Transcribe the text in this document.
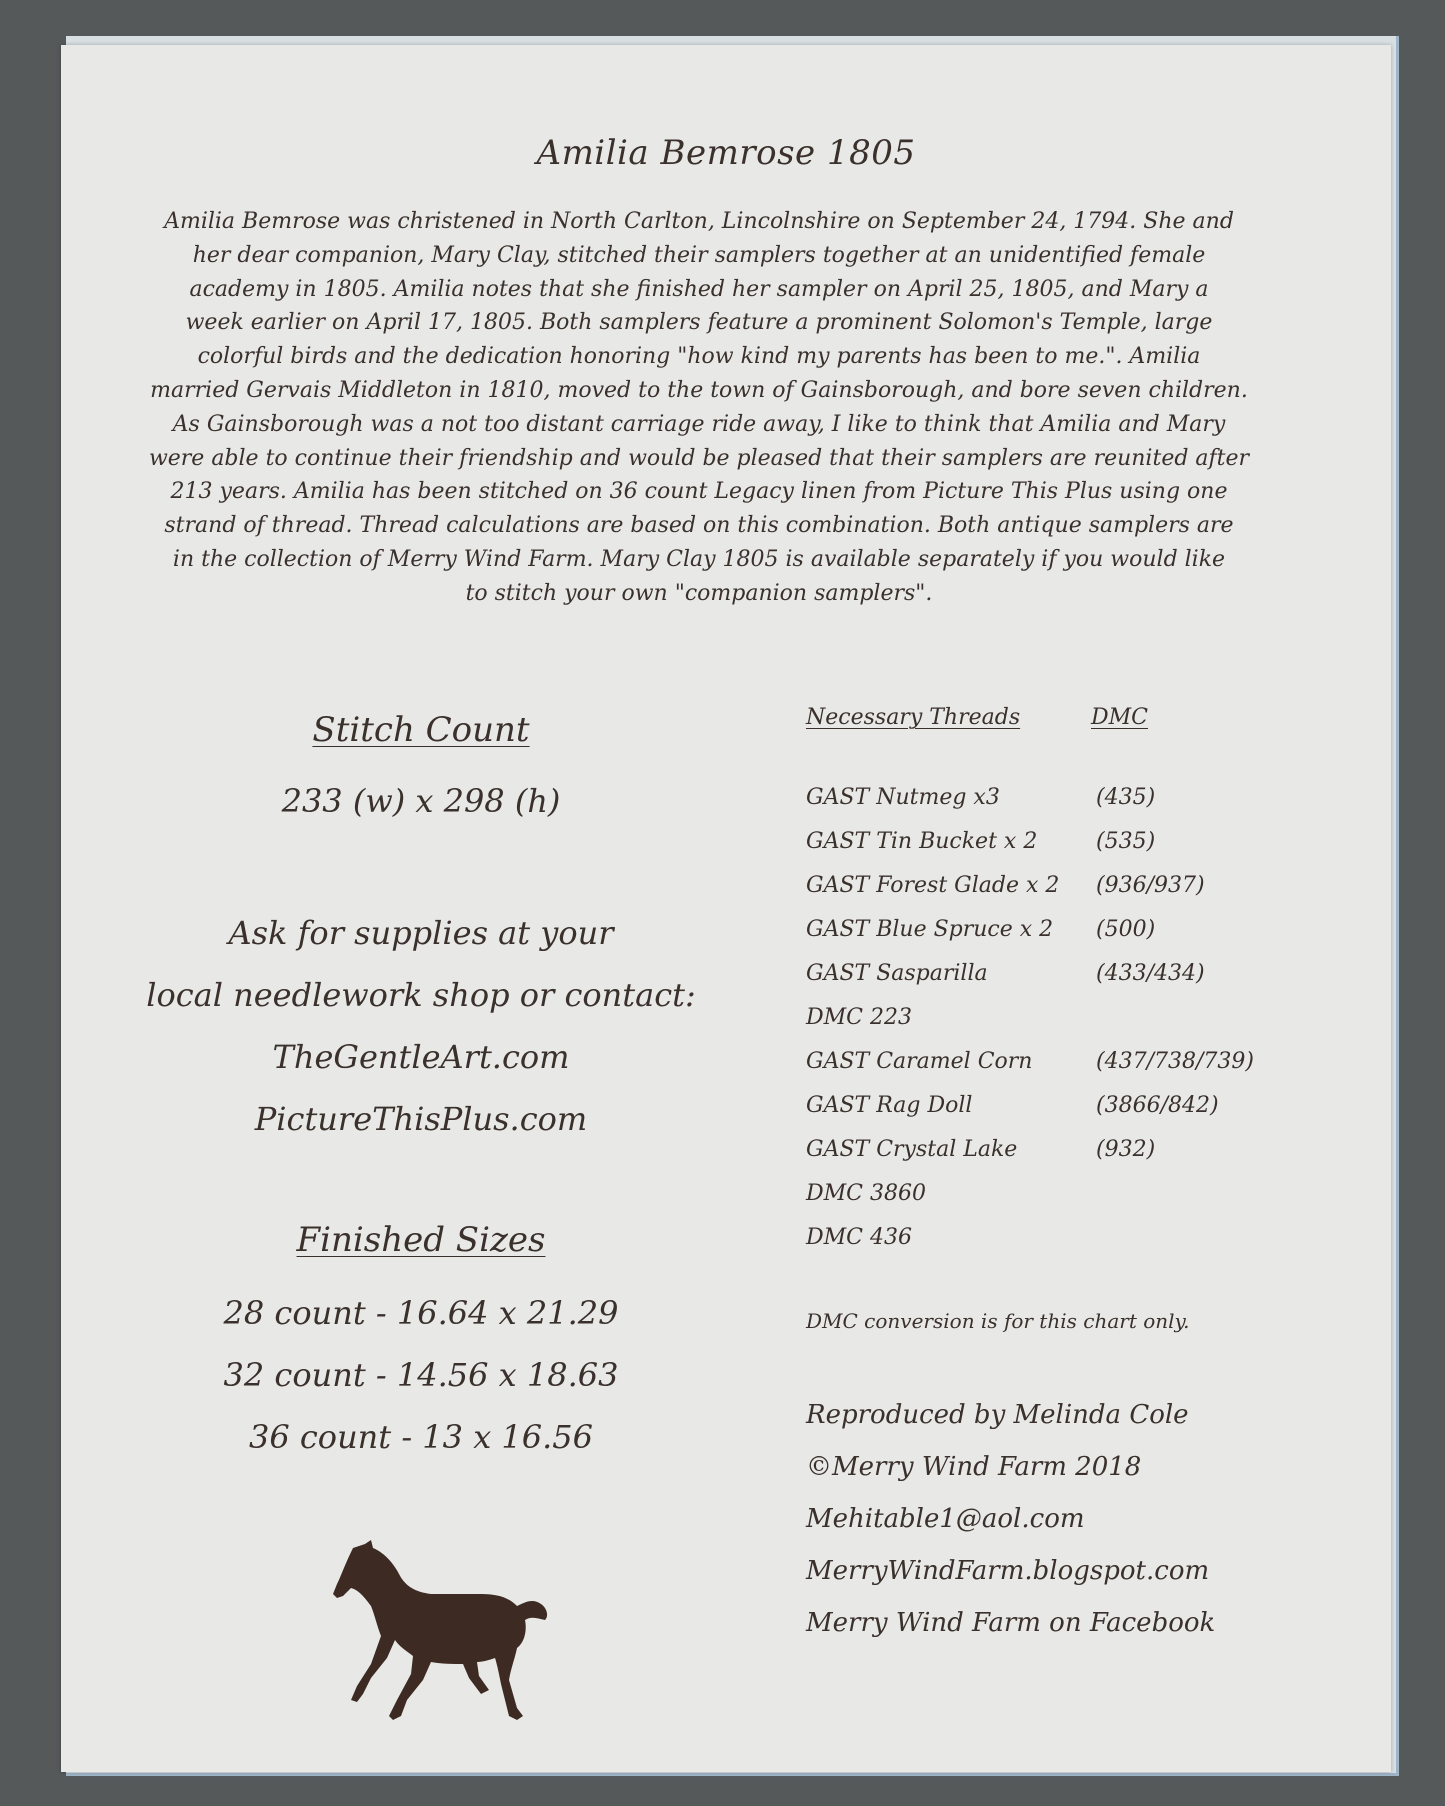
Amilia Bemrose 1805
Amilia Bemrose was christened in North Carlton, Lincolnshire on September 24, 1794. She and
her dear companion, Mary Clay, stitched their samplers together at an unidentified female
academy in 1805. Amilia notes that she finished her sampler on April 25, 1805, and Mary a
week earlier on April 17, 1805. Both samplers feature a prominent Solomon's Temple, large
colorful birds and the dedication honoring "how kind my parents has been to me.". Amilia
married Gervais Middleton in 1810, moved to the town of Gainsborough, and bore seven children.
As Gainsborough was a not too distant carriage ride away, I like to think that Amilia and Mary
were able to continue their friendship and would be pleased that their samplers are reunited after
213 years. Amilia has been stitched on 36 count Legacy linen from Picture This Plus using one
strand of thread. Thread calculations are based on this combination. Both antique samplers are
in the collection of Merry Wind Farm. Mary Clay 1805 is available separately if you would like
to stitch your own "companion samplers".
Stitch Count
233 (w) x 298 (h)
Ask for supplies at your
local needlework shop or contact:
TheGentleArt.com
PictureThisPlus.com
Finished Sizes
28 count - 16.64 x 21.29
32 count - 14.56 x 18.63
36 count - 13 x 16.56
Necessary Threads	DMC
GAST Nutmeg x3	(435)
GAST Tin Bucket x 2	(535)
GAST Forest Glade x 2 (936/937)
GAST Blue Spruce x 2 (500)
GAST Sasparilla	(433/434)
DMC 223
GAST Caramel Corn	(437/738/739)
GAST Rag Doll	(3866/842)
GAST Crystal Lake	(932)
DMC 3860
DMC 436
DMC conversion is for this chart only.
Reproduced by Melinda Cole
©Merry Wind Farm 2018
Mehitable1@aol.com
MerryWindFarm.blogspot.com
Merry Wind Farm on Facebook
